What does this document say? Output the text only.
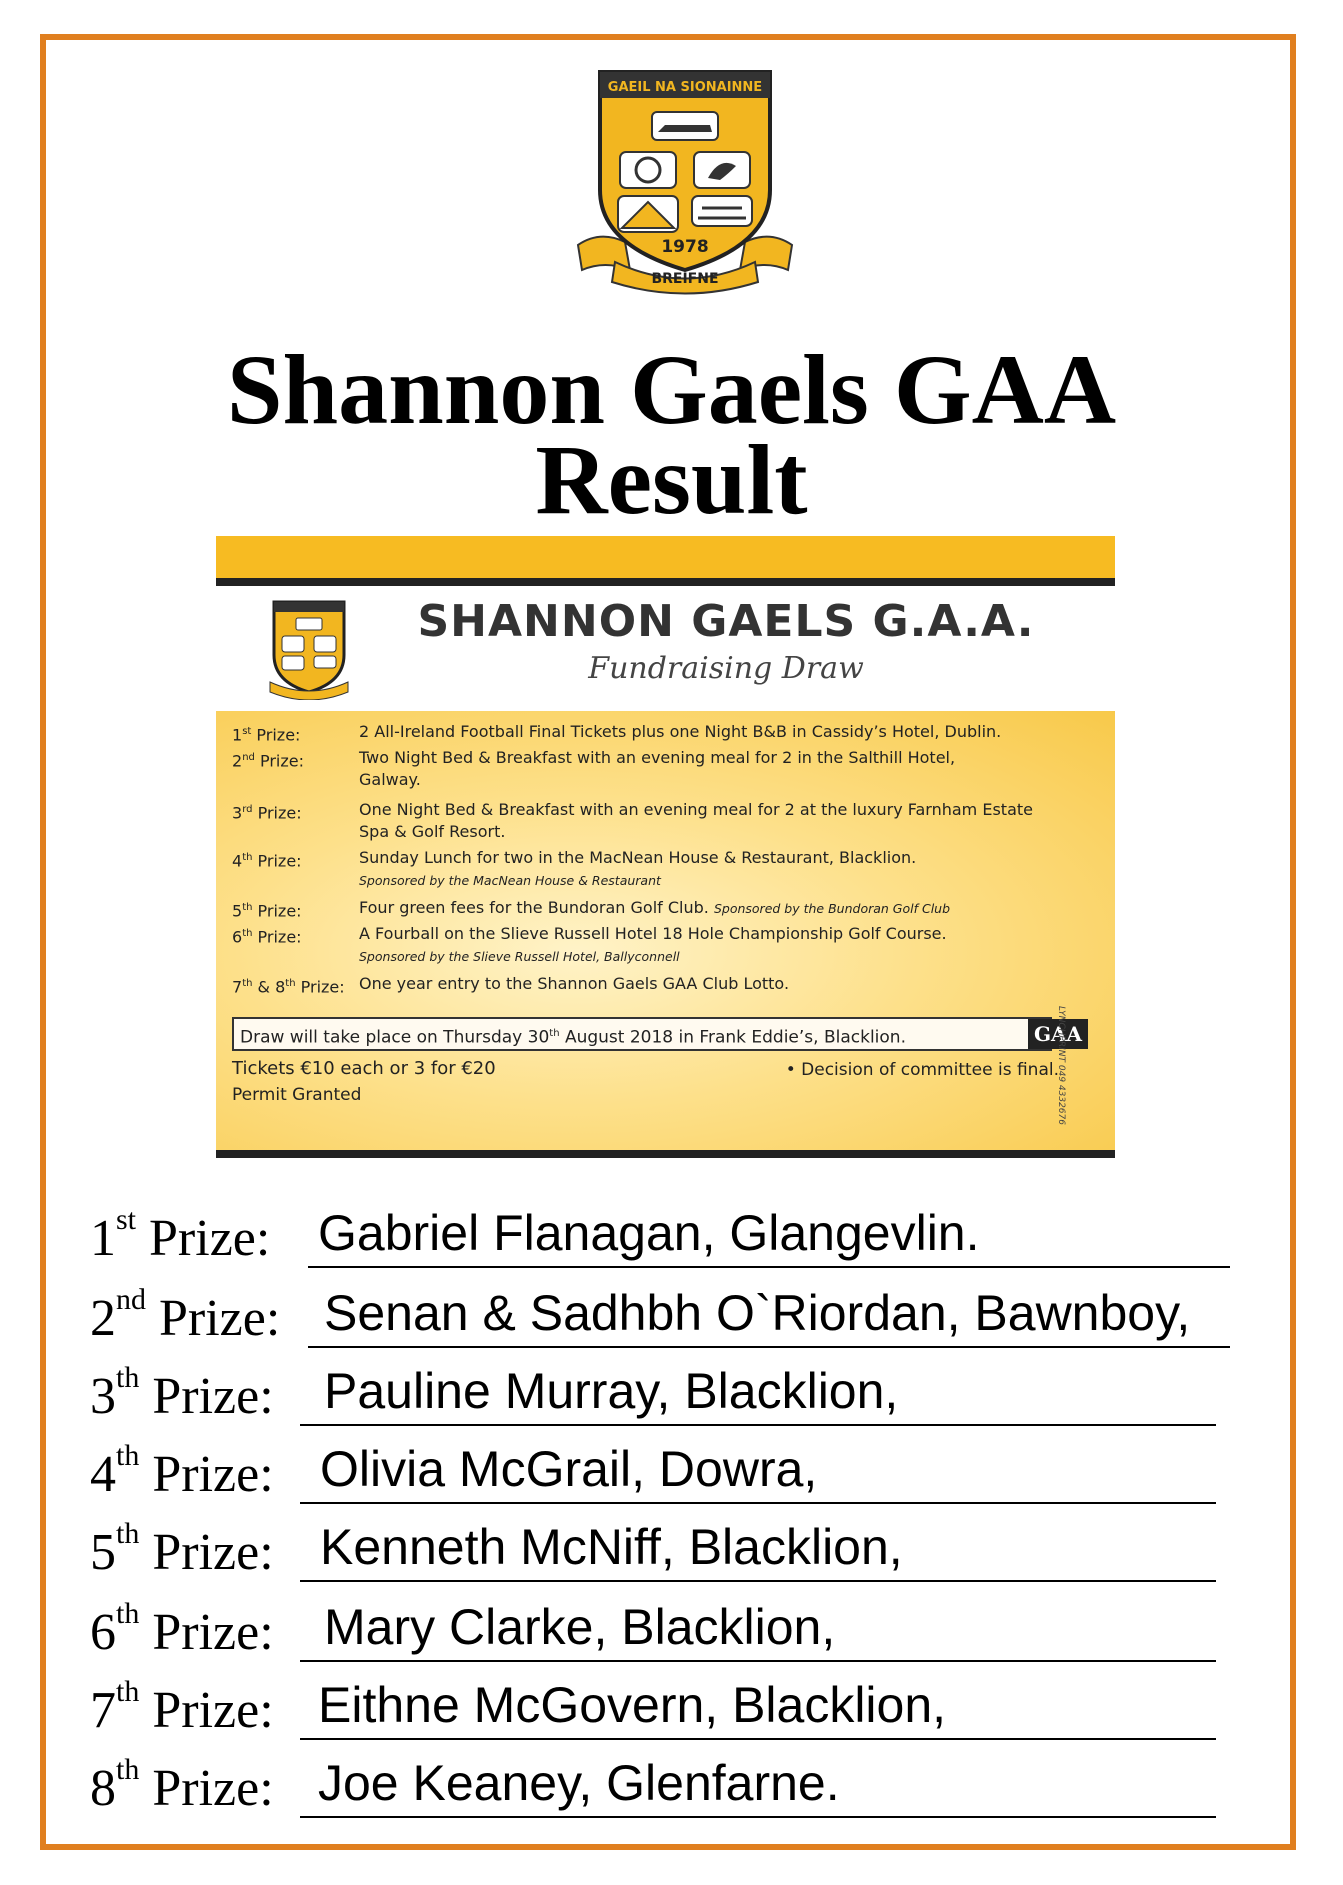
GAEIL NA SIONAINNE
1978
BREIFNE
Shannon Gaels GAA
Result
SHANNON GAELS G.A.A.
Fundraising Draw
1st Prize:	2 All-Ireland Football Final Tickets plus one Night B&B in Cassidy’s Hotel, Dublin.
2nd Prize:	Two Night Bed & Breakfast with an evening meal for 2 in the Salthill Hotel, Galway.
3rd Prize:	One Night Bed & Breakfast with an evening meal for 2 at the luxury Farnham Estate Spa & Golf Resort.
4th Prize:	Sunday Lunch for two in the MacNean House & Restaurant, Blacklion.
Sponsored by the MacNean House & Restaurant
5th Prize:	Four green fees for the Bundoran Golf Club. Sponsored by the Bundoran Golf Club
6th Prize:	A Fourball on the Slieve Russell Hotel 18 Hole Championship Golf Course.
Sponsored by the Slieve Russell Hotel, Ballyconnell
7th & 8th Prize: One year entry to the Shannon Gaels GAA Club Lotto.
Draw will take place on Thursday 30th August 2018 in Frank Eddie’s, Blacklion.	GAA
Tickets €10 each or 3 for €20
Permit Granted
• Decision of committee is final.
LYNCHPRINT 049 4332676
1st Prize: Gabriel Flanagan, Glangevlin.
2nd Prize: Senan & Sadhbh O`Riordan, Bawnboy,
3th Prize: Pauline Murray, Blacklion,
4th Prize: Olivia McGrail, Dowra,
5th Prize: Kenneth McNiff, Blacklion,
6th Prize: Mary Clarke, Blacklion,
7th Prize: Eithne McGovern, Blacklion,
8th Prize: Joe Keaney, Glenfarne.
